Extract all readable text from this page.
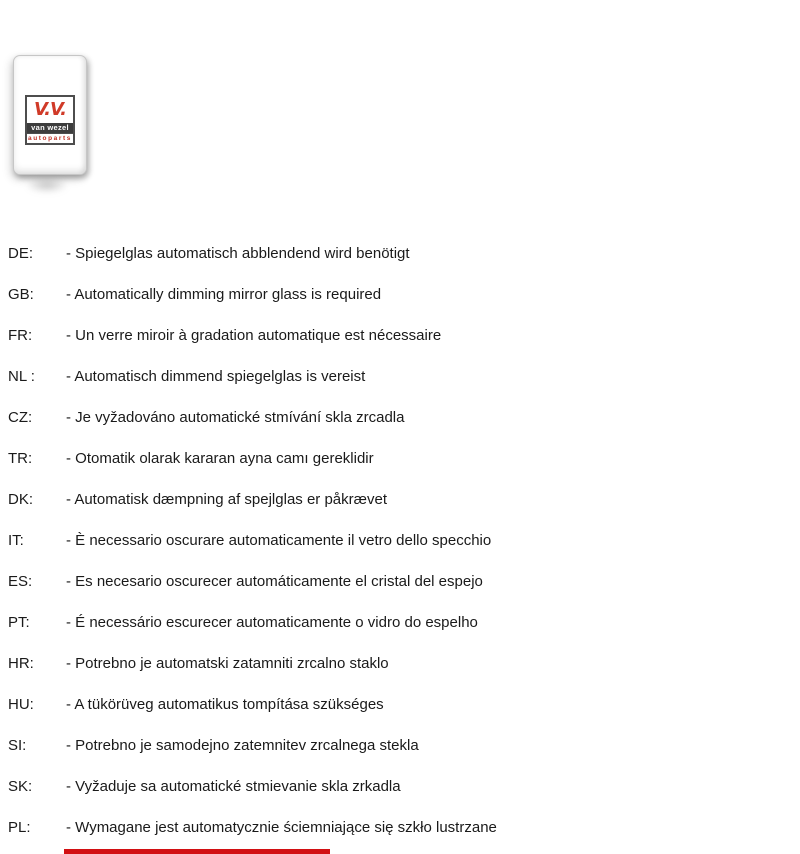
V.V.
van wezel
autoparts
DE:	- Spiegelglas automatisch abblendend wird benötigt
GB:	- Automatically dimming mirror glass is required
FR:	- Un verre miroir à gradation automatique est nécessaire
NL :	- Automatisch dimmend spiegelglas is vereist
CZ:	- Je vyžadováno automatické stmívání skla zrcadla
TR:	- Otomatik olarak kararan ayna camı gereklidir
DK:	- Automatisk dæmpning af spejlglas er påkrævet
IT:	- È necessario oscurare automaticamente il vetro dello specchio
ES:	- Es necesario oscurecer automáticamente el cristal del espejo
PT:	- É necessário escurecer automaticamente o vidro do espelho
HR:	- Potrebno je automatski zatamniti zrcalno staklo
HU:	- A tükörüveg automatikus tompítása szükséges
SI:	- Potrebno je samodejno zatemnitev zrcalnega stekla
SK:	- Vyžaduje sa automatické stmievanie skla zrkadla
PL:	- Wymagane jest automatycznie ściemniające się szkło lustrzane
